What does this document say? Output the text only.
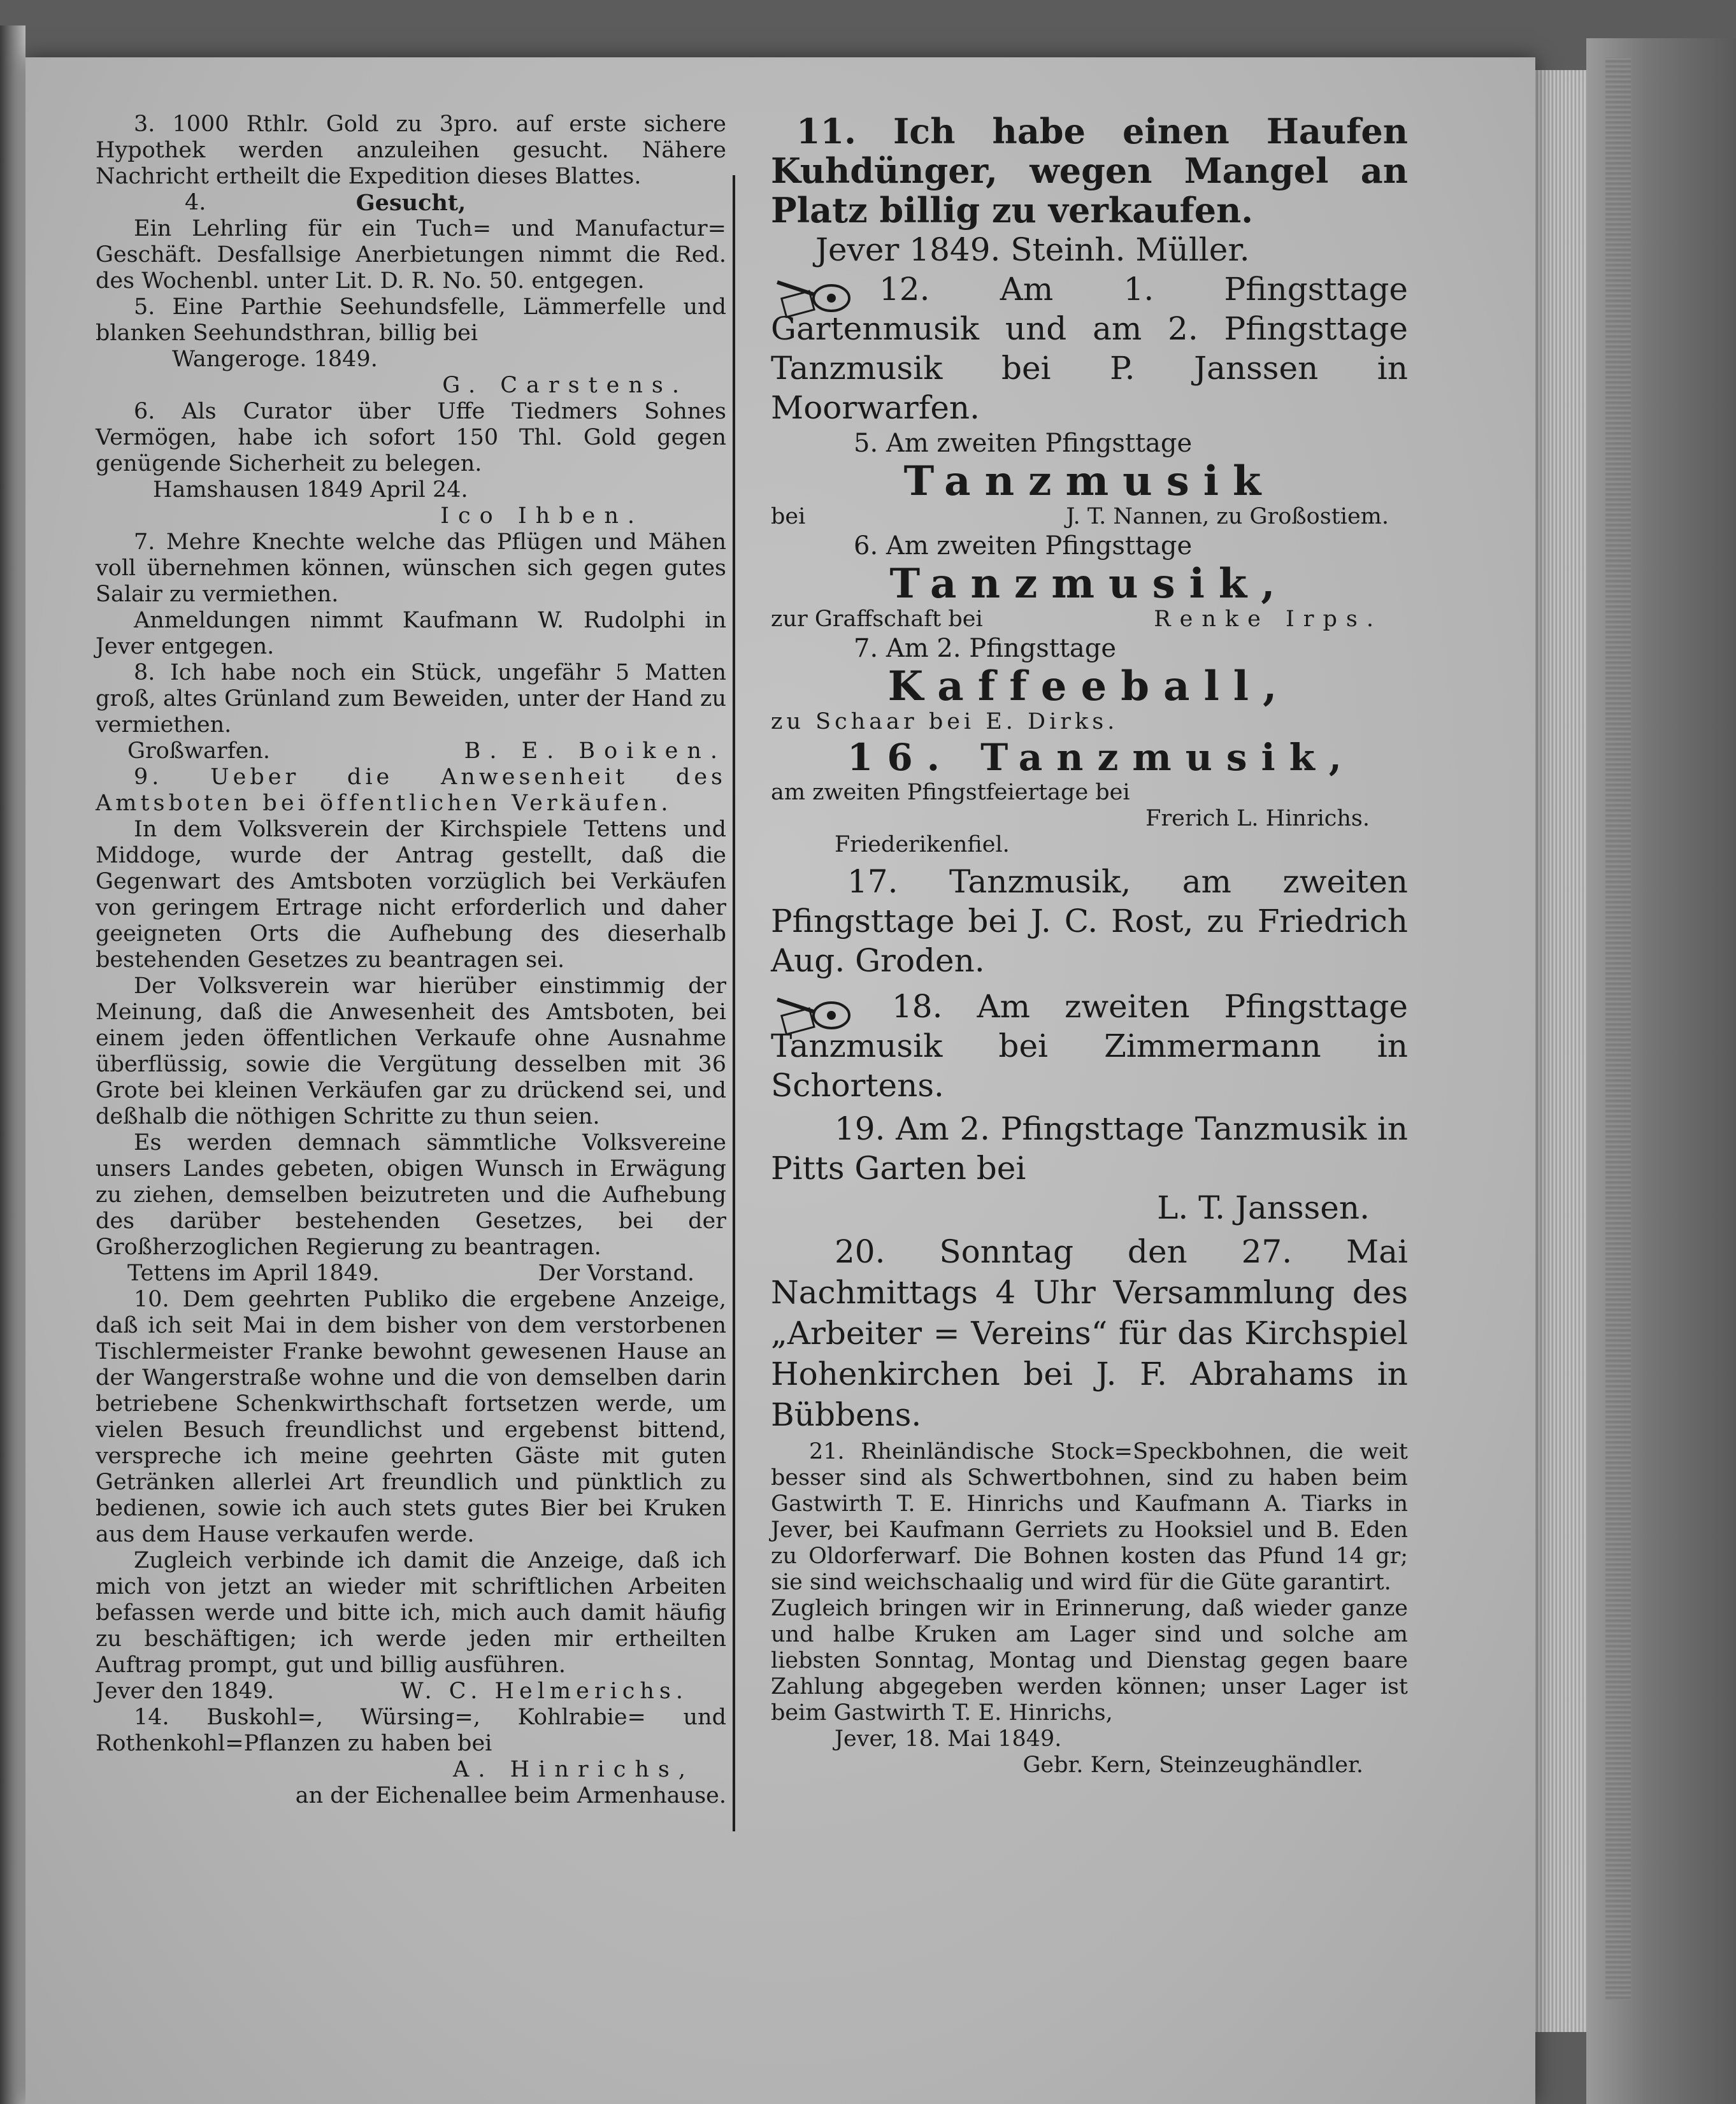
3. 1000 Rthlr. Gold zu 3pro. auf erste sichere Hypothek werden anzuleihen gesucht. Nähere Nachricht ertheilt die Expedition dieses Blattes.

4.	Gesucht,

Ein Lehrling für ein Tuch= und Manufactur= Geschäft. Desfallsige Anerbietungen nimmt die Red. des Wochenbl. unter Lit. D. R. No. 50. entgegen.

5. Eine Parthie Seehundsfelle, Lämmerfelle und blanken Seehundsthran, billig bei

Wangeroge. 1849.

G. Carstens.

6. Als Curator über Uffe Tiedmers Sohnes Vermögen, habe ich sofort 150 Thl. Gold gegen genügende Sicherheit zu belegen.

Hamshausen 1849 April 24.

Ico Ihben.

7. Mehre Knechte welche das Pflügen und Mähen voll übernehmen können, wünschen sich gegen gutes Salair zu vermiethen.

Anmeldungen nimmt Kaufmann W. Rudolphi in Jever entgegen.

8. Ich habe noch ein Stück, ungefähr 5 Matten groß, altes Grünland zum Beweiden, unter der Hand zu vermiethen.

Großwarfen.	B. E. Boiken.

9. Ueber die Anwesenheit des Amtsboten bei öffentlichen Verkäufen.

In dem Volksverein der Kirchspiele Tettens und Middoge, wurde der Antrag gestellt, daß die Gegenwart des Amtsboten vorzüglich bei Verkäufen von geringem Ertrage nicht erforderlich und daher geeigneten Orts die Aufhebung des dieserhalb bestehenden Gesetzes zu beantragen sei.

Der Volksverein war hierüber einstimmig der Meinung, daß die Anwesenheit des Amtsboten, bei einem jeden öffentlichen Verkaufe ohne Ausnahme überflüssig, sowie die Vergütung desselben mit 36 Grote bei kleinen Verkäufen gar zu drückend sei, und deßhalb die nöthigen Schritte zu thun seien.

Es werden demnach sämmtliche Volksvereine unsers Landes gebeten, obigen Wunsch in Erwägung zu ziehen, demselben beizutreten und die Aufhebung des darüber bestehenden Gesetzes, bei der Großherzoglichen Regierung zu beantragen.

Tettens im April 1849.	Der Vorstand.

10. Dem geehrten Publiko die ergebene Anzeige, daß ich seit Mai in dem bisher von dem verstorbenen Tischlermeister Franke bewohnt gewesenen Hause an der Wangerstraße wohne und die von demselben darin betriebene Schenkwirthschaft fortsetzen werde, um vielen Besuch freundlichst und ergebenst bittend, verspreche ich meine geehrten Gäste mit guten Getränken allerlei Art freundlich und pünktlich zu bedienen, sowie ich auch stets gutes Bier bei Kruken aus dem Hause verkaufen werde.

Zugleich verbinde ich damit die Anzeige, daß ich mich von jetzt an wieder mit schriftlichen Arbeiten befassen werde und bitte ich, mich auch damit häufig zu beschäftigen; ich werde jeden mir ertheilten Auftrag prompt, gut und billig ausführen.

Jever den 1849.	W. C. Helmerichs.

14. Buskohl=, Würsing=, Kohlrabie= und Rothenkohl=Pflanzen zu haben bei

A. Hinrichs,

an der Eichenallee beim Armenhause.

11. Ich habe einen Haufen Kuhdünger, wegen Mangel an Platz billig zu verkaufen.

Jever 1849. Steinh. Müller.

12. Am 1. Pfingsttage Gartenmusik und am 2. Pfingsttage Tanzmusik bei P. Janssen in Moorwarfen.

5. Am zweiten Pfingsttage

Tanzmusik

bei	J. T. Nannen, zu Großostiem.

6. Am zweiten Pfingsttage

Tanzmusik,

zur Graffschaft bei	Renke Irps.

7. Am 2. Pfingsttage

Kaffeeball,

zu Schaar bei E. Dirks.

16. Tanzmusik,

am zweiten Pfingstfeiertage bei

Frerich L. Hinrichs.

Friederikenfiel.

17. Tanzmusik, am zweiten Pfingsttage bei J. C. Rost, zu Friedrich Aug. Groden.

18. Am zweiten Pfingsttage Tanzmusik bei Zimmermann in Schortens.

19. Am 2. Pfingsttage Tanzmusik in Pitts Garten bei

L. T. Janssen.

20. Sonntag den 27. Mai Nachmittags 4 Uhr Versammlung des „Arbeiter = Vereins“ für das Kirchspiel Hohenkirchen bei J. F. Abrahams in Bübbens.

21. Rheinländische Stock=Speckbohnen, die weit besser sind als Schwertbohnen, sind zu haben beim Gastwirth T. E. Hinrichs und Kaufmann A. Tiarks in Jever, bei Kaufmann Gerriets zu Hooksiel und B. Eden zu Oldorferwarf. Die Bohnen kosten das Pfund 14 gr; sie sind weichschaalig und wird für die Güte garantirt.

Zugleich bringen wir in Erinnerung, daß wieder ganze und halbe Kruken am Lager sind und solche am liebsten Sonntag, Montag und Dienstag gegen baare Zahlung abgegeben werden können; unser Lager ist beim Gastwirth T. E. Hinrichs,

Jever, 18. Mai 1849.

Gebr. Kern, Steinzeughändler.
